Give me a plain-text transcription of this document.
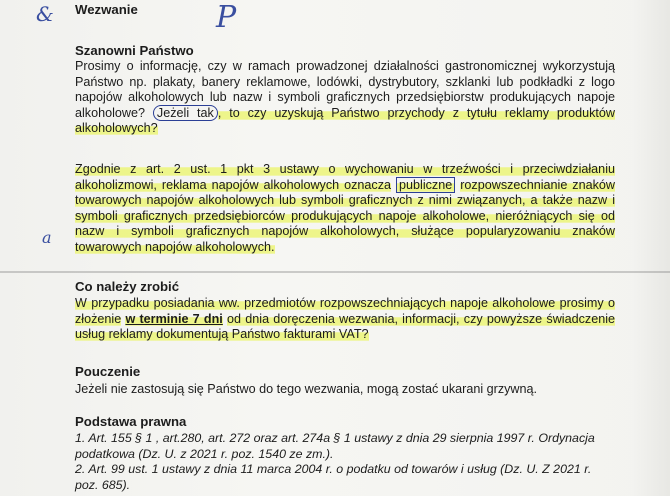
&
a
P
Wezwanie
Szanowni Państwo
Prosimy o informację, czy w ramach prowadzonej działalności gastronomicznej wykorzystują Państwo np. plakaty, banery reklamowe, lodówki, dystrybutory, szklanki lub podkładki z logo napojów alkoholowych lub nazw i symboli graficznych przedsiębiorstw produkujących napoje alkoholowe? Jeżeli tak , to czy uzyskują Państwo przychody z tytułu reklamy produktów alkoholowych?
Zgodnie z art. 2 ust. 1 pkt 3 ustawy o wychowaniu w trzeźwości i przeciwdziałaniu alkoholizmowi, reklama napojów alkoholowych oznacza publiczne rozpowszechnianie znaków towarowych napojów alkoholowych lub symboli graficznych z nimi związanych, a także nazw i symboli graficznych przedsiębiorców produkujących napoje alkoholowe, nieróżniących się od nazw i symboli graficznych napojów alkoholowych, służące popularyzowaniu znaków towarowych napojów alkoholowych.
Co należy zrobić
W przypadku posiadania ww. przedmiotów rozpowszechniających napoje alkoholowe prosimy o złożenie w terminie 7 dni od dnia doręczenia wezwania, informacji, czy powyższe świadczenie usług reklamy dokumentują Państwo fakturami VAT?
Pouczenie
Jeżeli nie zastosują się Państwo do tego wezwania, mogą zostać ukarani grzywną.
Podstawa prawna
1. Art. 155 § 1 , art.280, art. 272 oraz art. 274a § 1 ustawy z dnia 29 sierpnia 1997 r. Ordynacja podatkowa (Dz. U. z 2021 r. poz. 1540 ze zm.).
2. Art. 99 ust. 1 ustawy z dnia 11 marca 2004 r. o podatku od towarów i usług (Dz. U. Z 2021 r. poz. 685).
